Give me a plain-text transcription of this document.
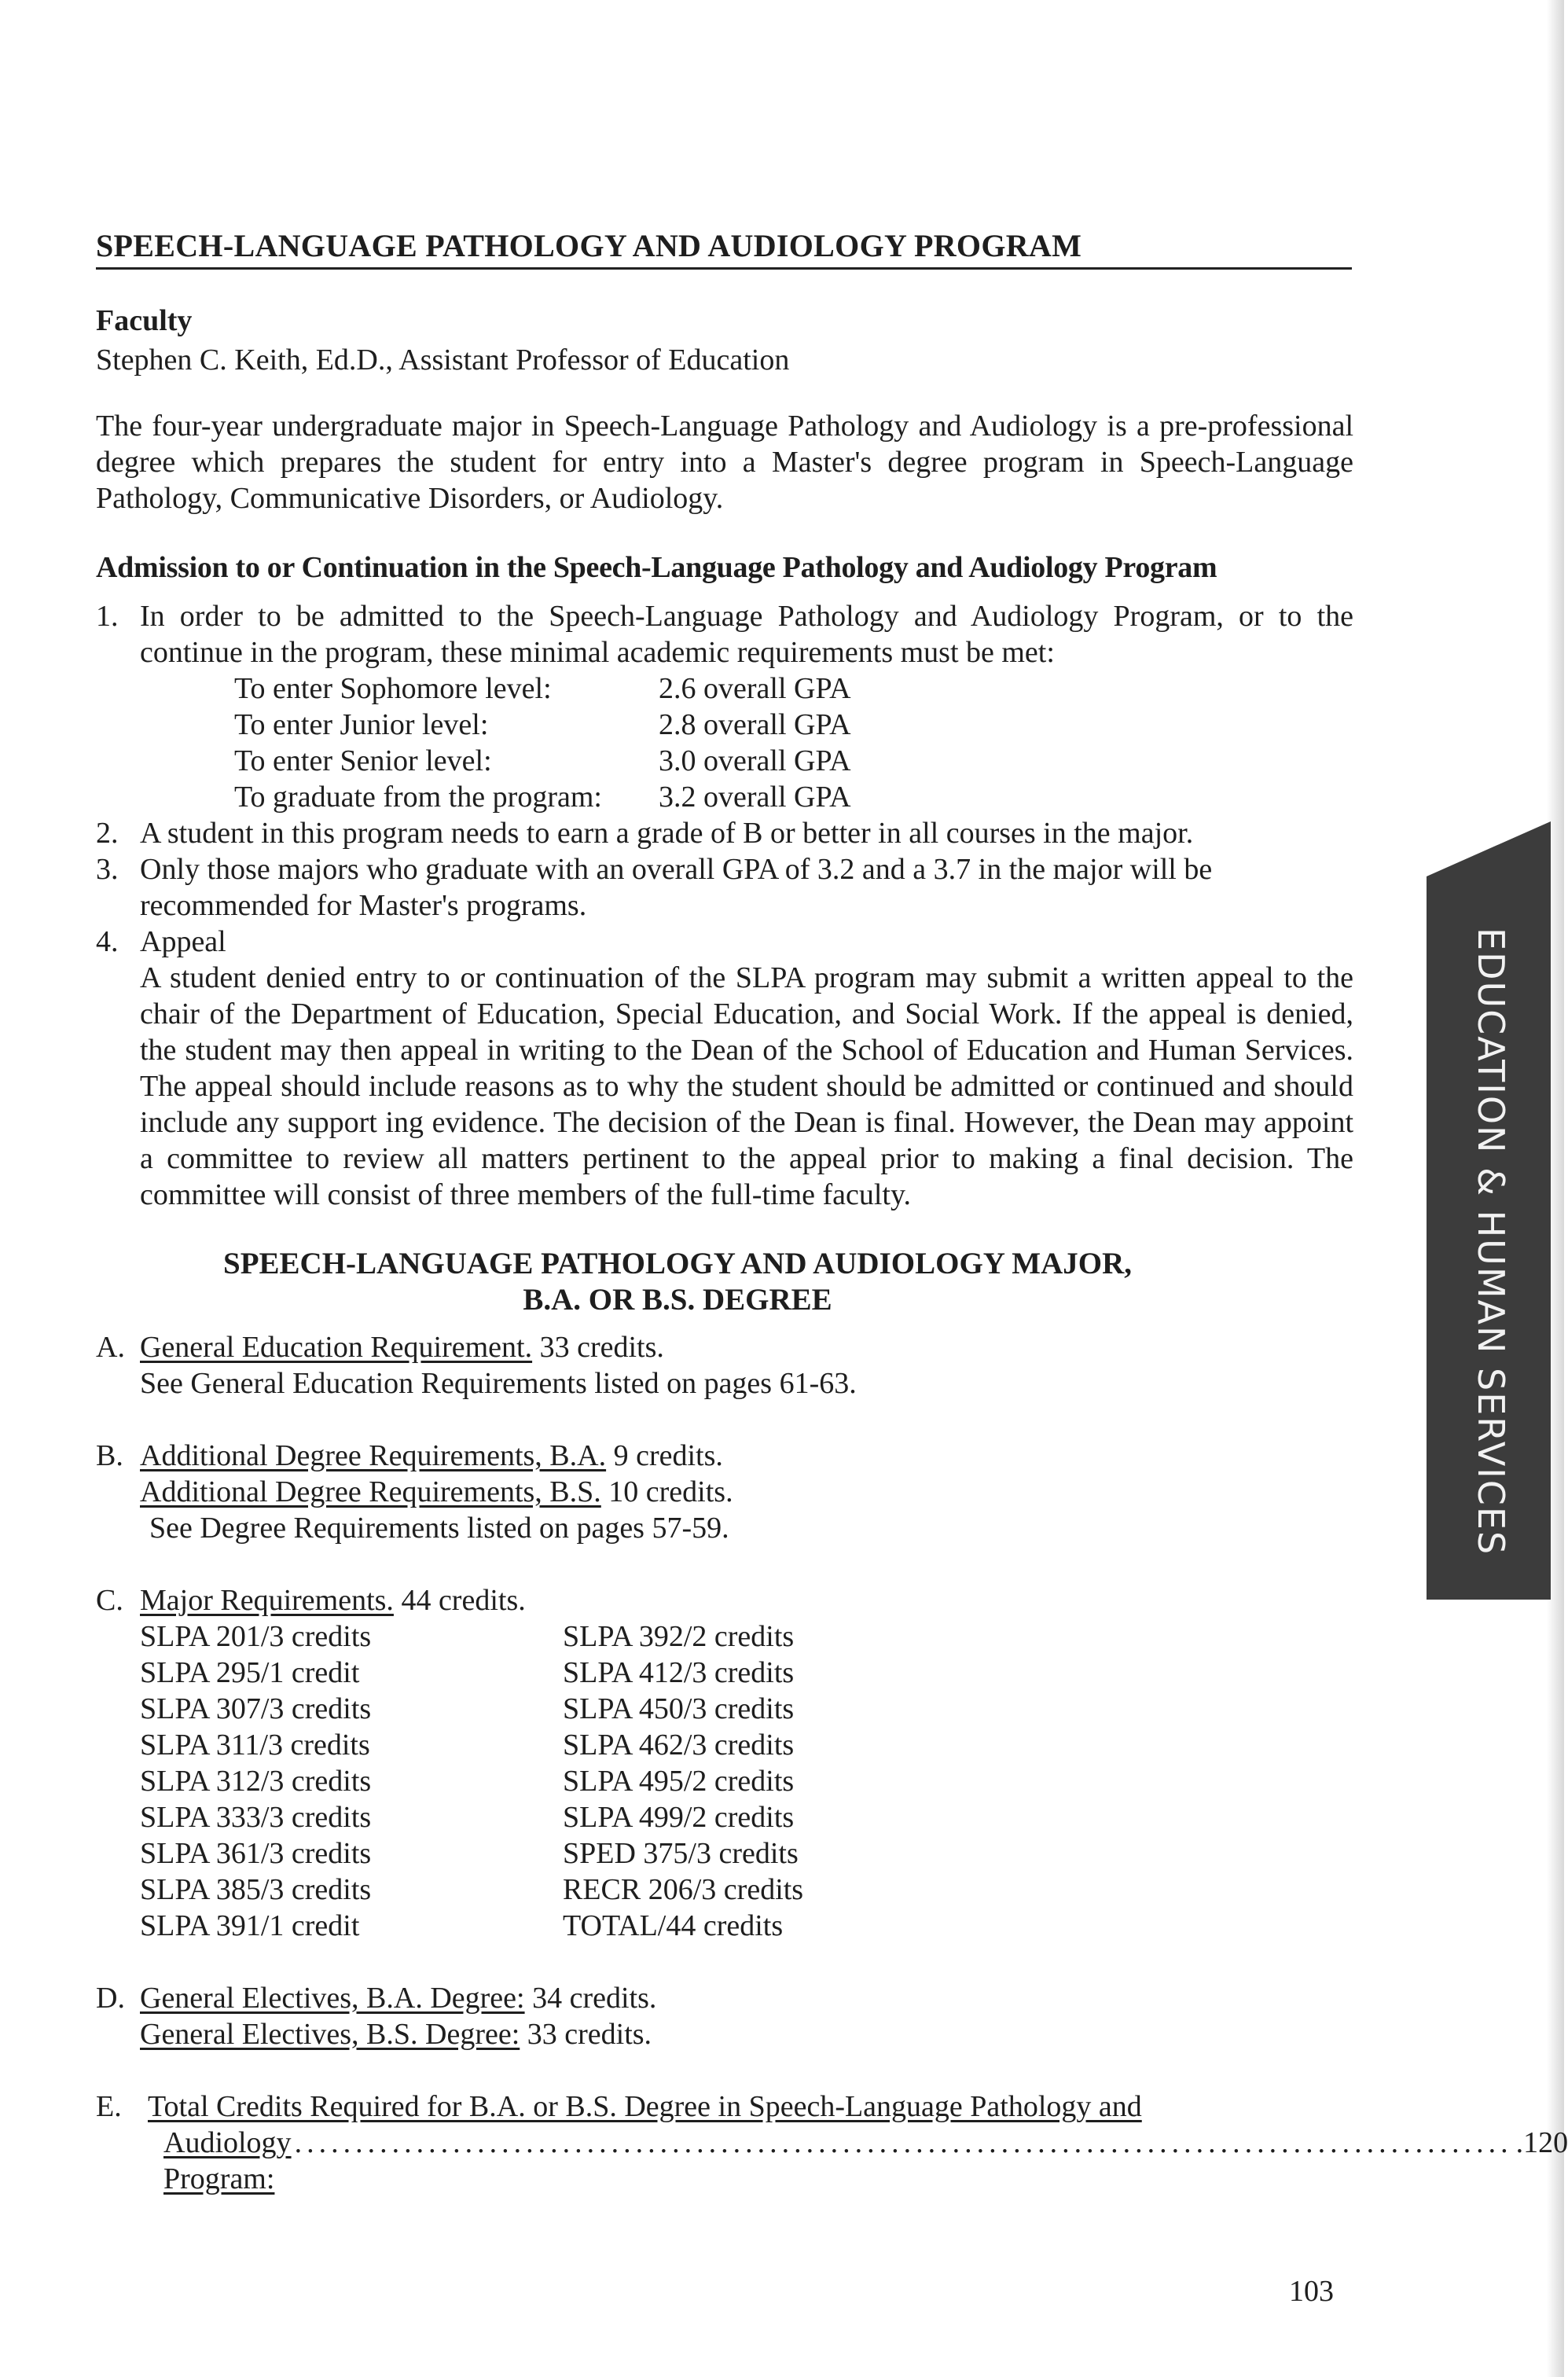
SPEECH-LANGUAGE PATHOLOGY AND AUDIOLOGY PROGRAM
Faculty
Stephen C. Keith, Ed.D., Assistant Professor of Education
The four-year undergraduate major in Speech-Language Pathology and Audiology is a pre-professional degree which prepares the student for entry into a Master's degree program in Speech-Language Pathology, Communicative Disorders, or Audiology.
Admission to or Continuation in the Speech-Language Pathology and Audiology Program
1. In order to be admitted to the Speech-Language Pathology and Audiology Program, or to the continue in the program, these minimal academic requirements must be met:
To enter Sophomore level:	2.6 overall GPA
To enter Junior level:	2.8 overall GPA
To enter Senior level:	3.0 overall GPA
To graduate from the program:	3.2 overall GPA
2. A student in this program needs to earn a grade of B or better in all courses in the major.
3. Only those majors who graduate with an overall GPA of 3.2 and a 3.7 in the major will be recommended for Master's programs.
4. Appeal
A student denied entry to or continuation of the SLPA program may submit a written appeal to the chair of the Department of Education, Special Education, and Social Work. If the appeal is denied, the student may then appeal in writing to the Dean of the School of Education and Human Services. The appeal should include reasons as to why the student should be admitted or continued and should include any support ing evidence. The decision of the Dean is final. However, the Dean may appoint a committee to review all matters pertinent to the appeal prior to making a final decision. The committee will consist of three members of the full-time faculty.
SPEECH-LANGUAGE PATHOLOGY AND AUDIOLOGY MAJOR,
B.A. OR B.S. DEGREE
A. General Education Requirement. 33 credits.
See General Education Requirements listed on pages 61-63.
B. Additional Degree Requirements, B.A. 9 credits.
Additional Degree Requirements, B.S. 10 credits.
See Degree Requirements listed on pages 57-59.
C. Major Requirements. 44 credits.
SLPA 201/3 credits	SLPA 392/2 credits
SLPA 295/1 credit	SLPA 412/3 credits
SLPA 307/3 credits	SLPA 450/3 credits
SLPA 311/3 credits	SLPA 462/3 credits
SLPA 312/3 credits	SLPA 495/2 credits
SLPA 333/3 credits	SLPA 499/2 credits
SLPA 361/3 credits	SPED 375/3 credits
SLPA 385/3 credits	RECR 206/3 credits
SLPA 391/1 credit	TOTAL/44 credits
D. General Electives, B.A. Degree: 34 credits.
General Electives, B.S. Degree: 33 credits.
E. Total Credits Required for B.A. or B.S. Degree in Speech-Language Pathology and
Audiology Program:
.................................................................................................... .120
103
EDUCATION & HUMAN SERVICES
